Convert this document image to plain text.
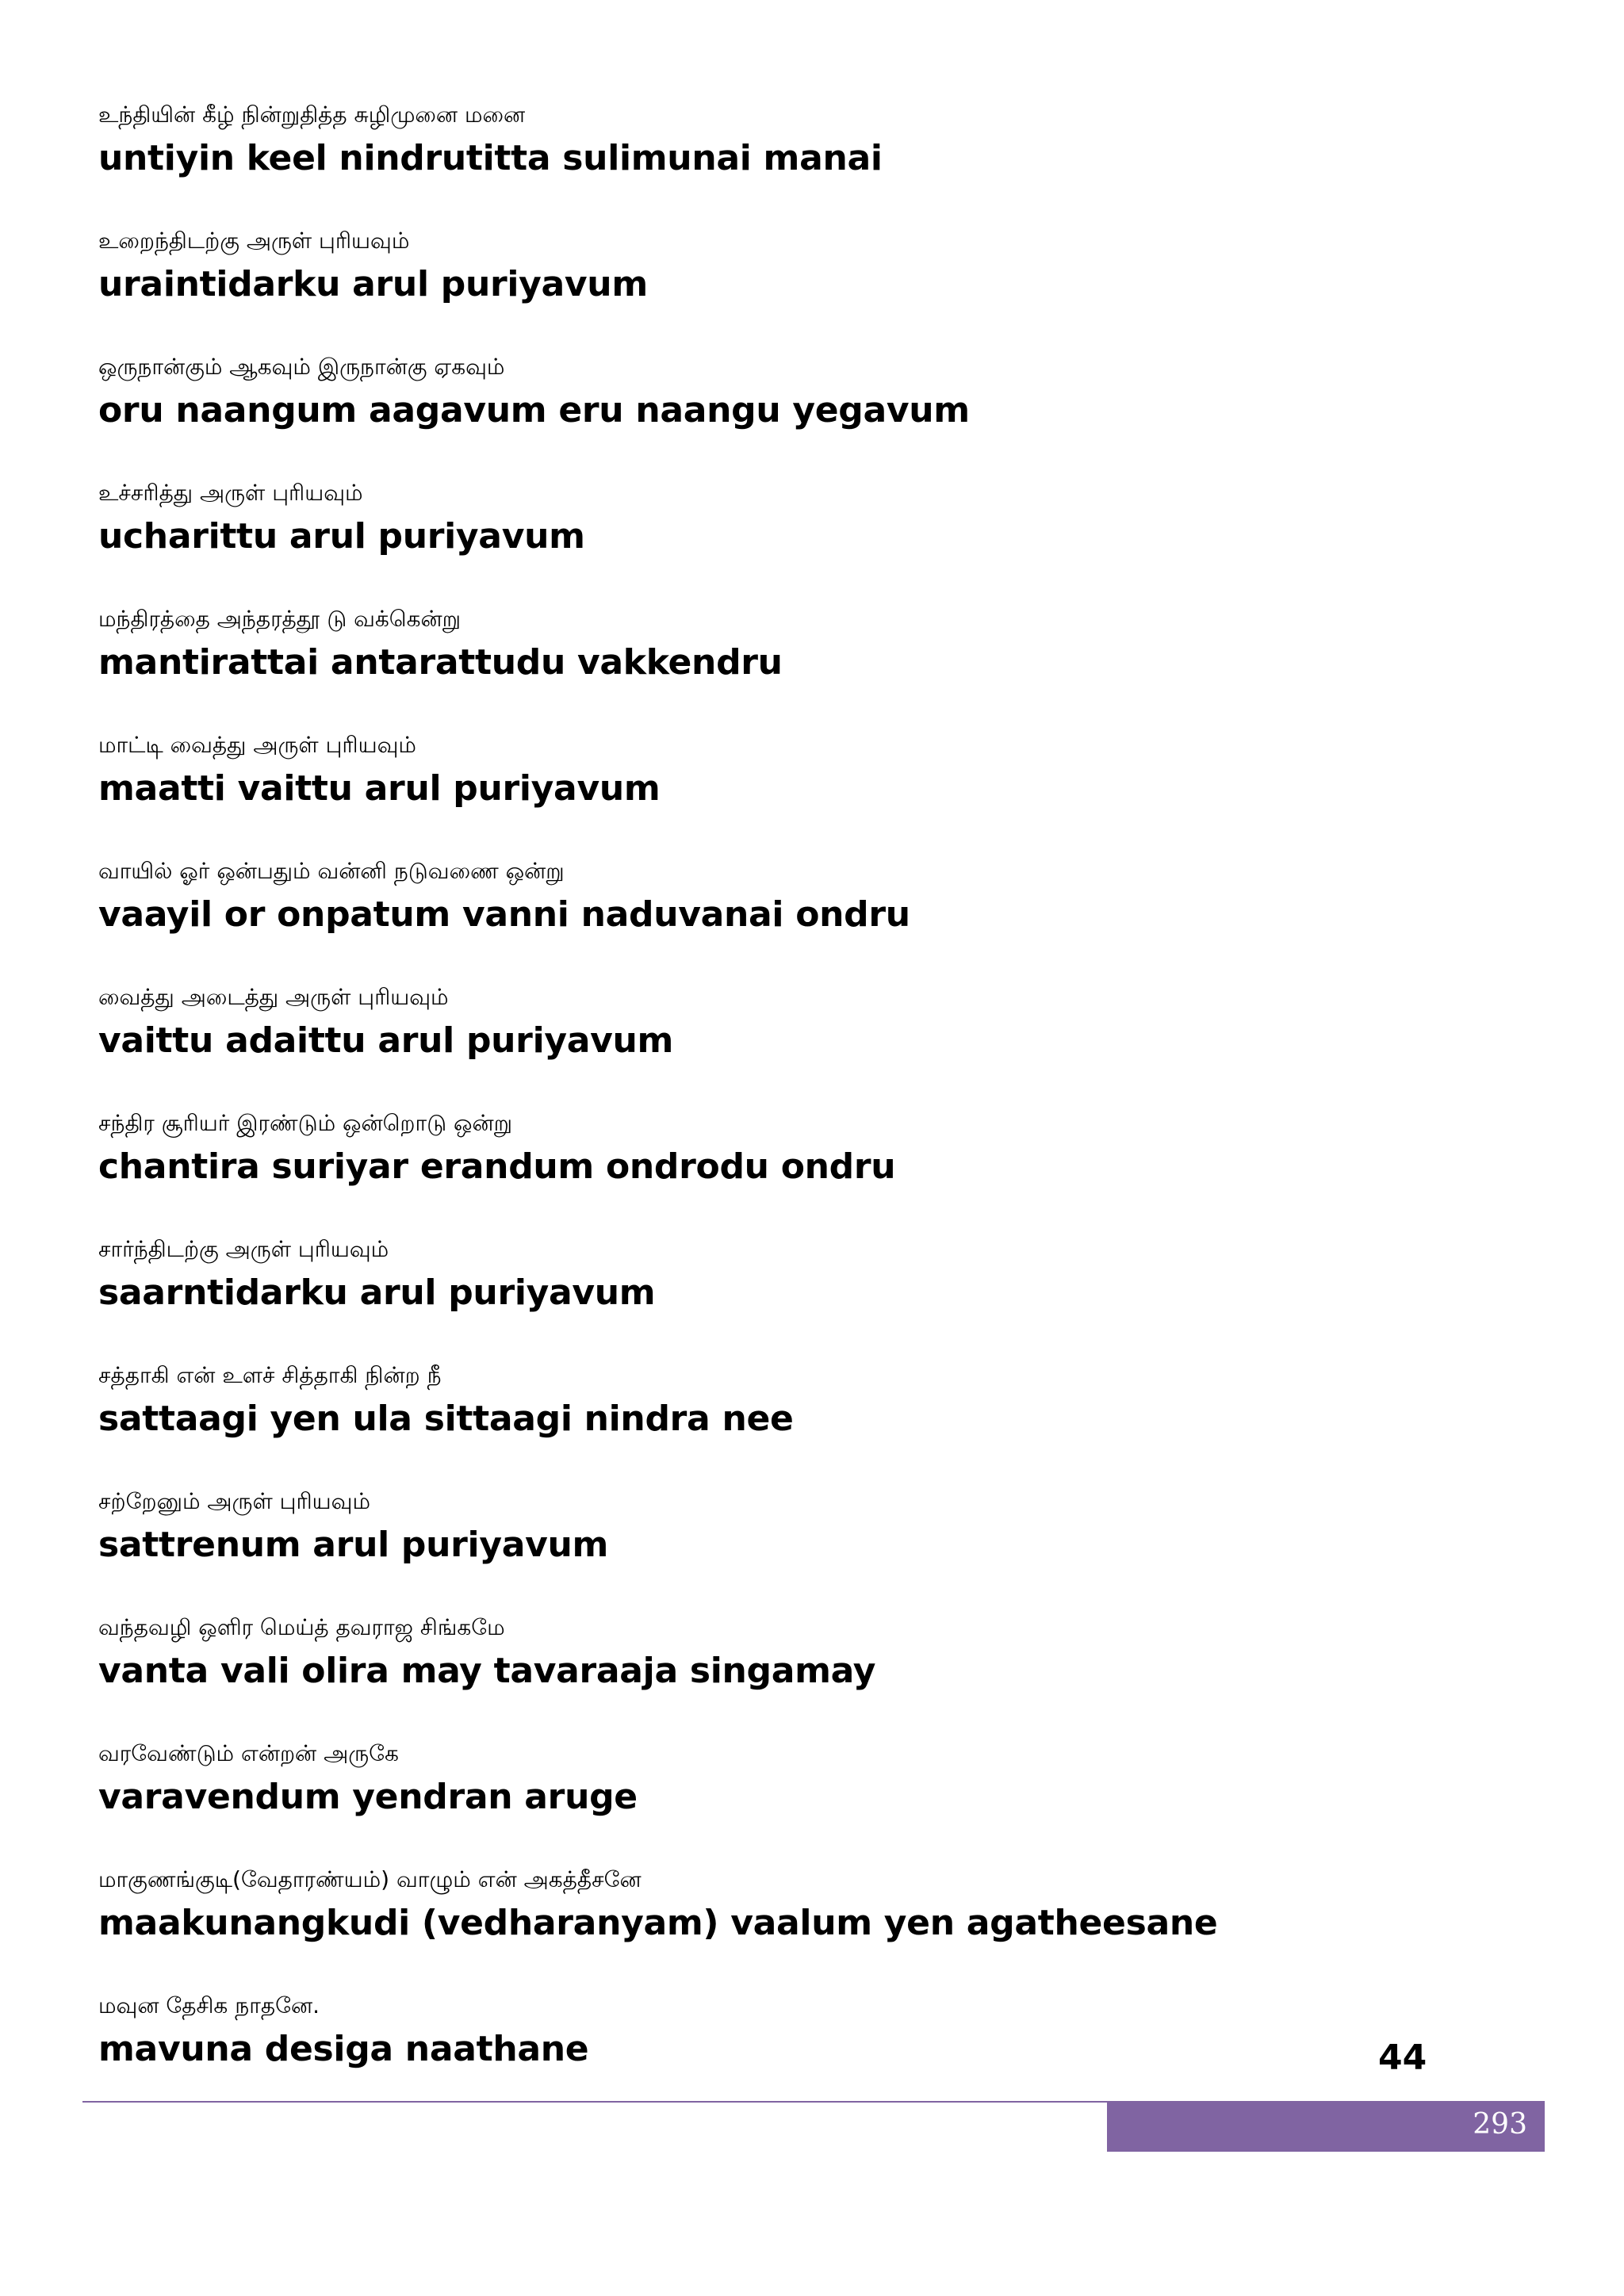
உந்தியின் கீழ் நின்றுதித்த சுழிமுனை மனை
untiyin keel nindrutitta sulimunai manai
உறைந்திடற்கு அருள் புரியவும்
uraintidarku arul puriyavum
ஒருநான்கும் ஆகவும் இருநான்கு ஏகவும்
oru naangum aagavum eru naangu yegavum
உச்சரித்து அருள் புரியவும்
ucharittu arul puriyavum
மந்திரத்தை அந்தரத்தூ டு வக்கென்று
mantirattai antarattudu vakkendru
மாட்டி வைத்து அருள் புரியவும்
maatti vaittu arul puriyavum
வாயில் ஓர் ஒன்பதும் வன்னி நடுவணை ஒன்று
vaayil or onpatum vanni naduvanai ondru
வைத்து அடைத்து அருள் புரியவும்
vaittu adaittu arul puriyavum
சந்திர சூரியர் இரண்டும் ஒன்றொடு ஒன்று
chantira suriyar erandum ondrodu ondru
சார்ந்திடற்கு அருள் புரியவும்
saarntidarku arul puriyavum
சத்தாகி என் உளச் சித்தாகி நின்ற நீ
sattaagi yen ula sittaagi nindra nee
சற்றேனும் அருள் புரியவும்
sattrenum arul puriyavum
வந்தவழி ஒளிர மெய்த் தவராஜ சிங்கமே
vanta vali olira may tavaraaja singamay
வரவேண்டும் என்றன் அருகே
varavendum yendran aruge
மாகுணங்குடி(வேதாரண்யம்) வாழும் என் அகத்தீசனே
maakunangkudi (vedharanyam) vaalum yen agatheesane
மவுன தேசிக நாதனே.
mavuna desiga naathane	44
293
